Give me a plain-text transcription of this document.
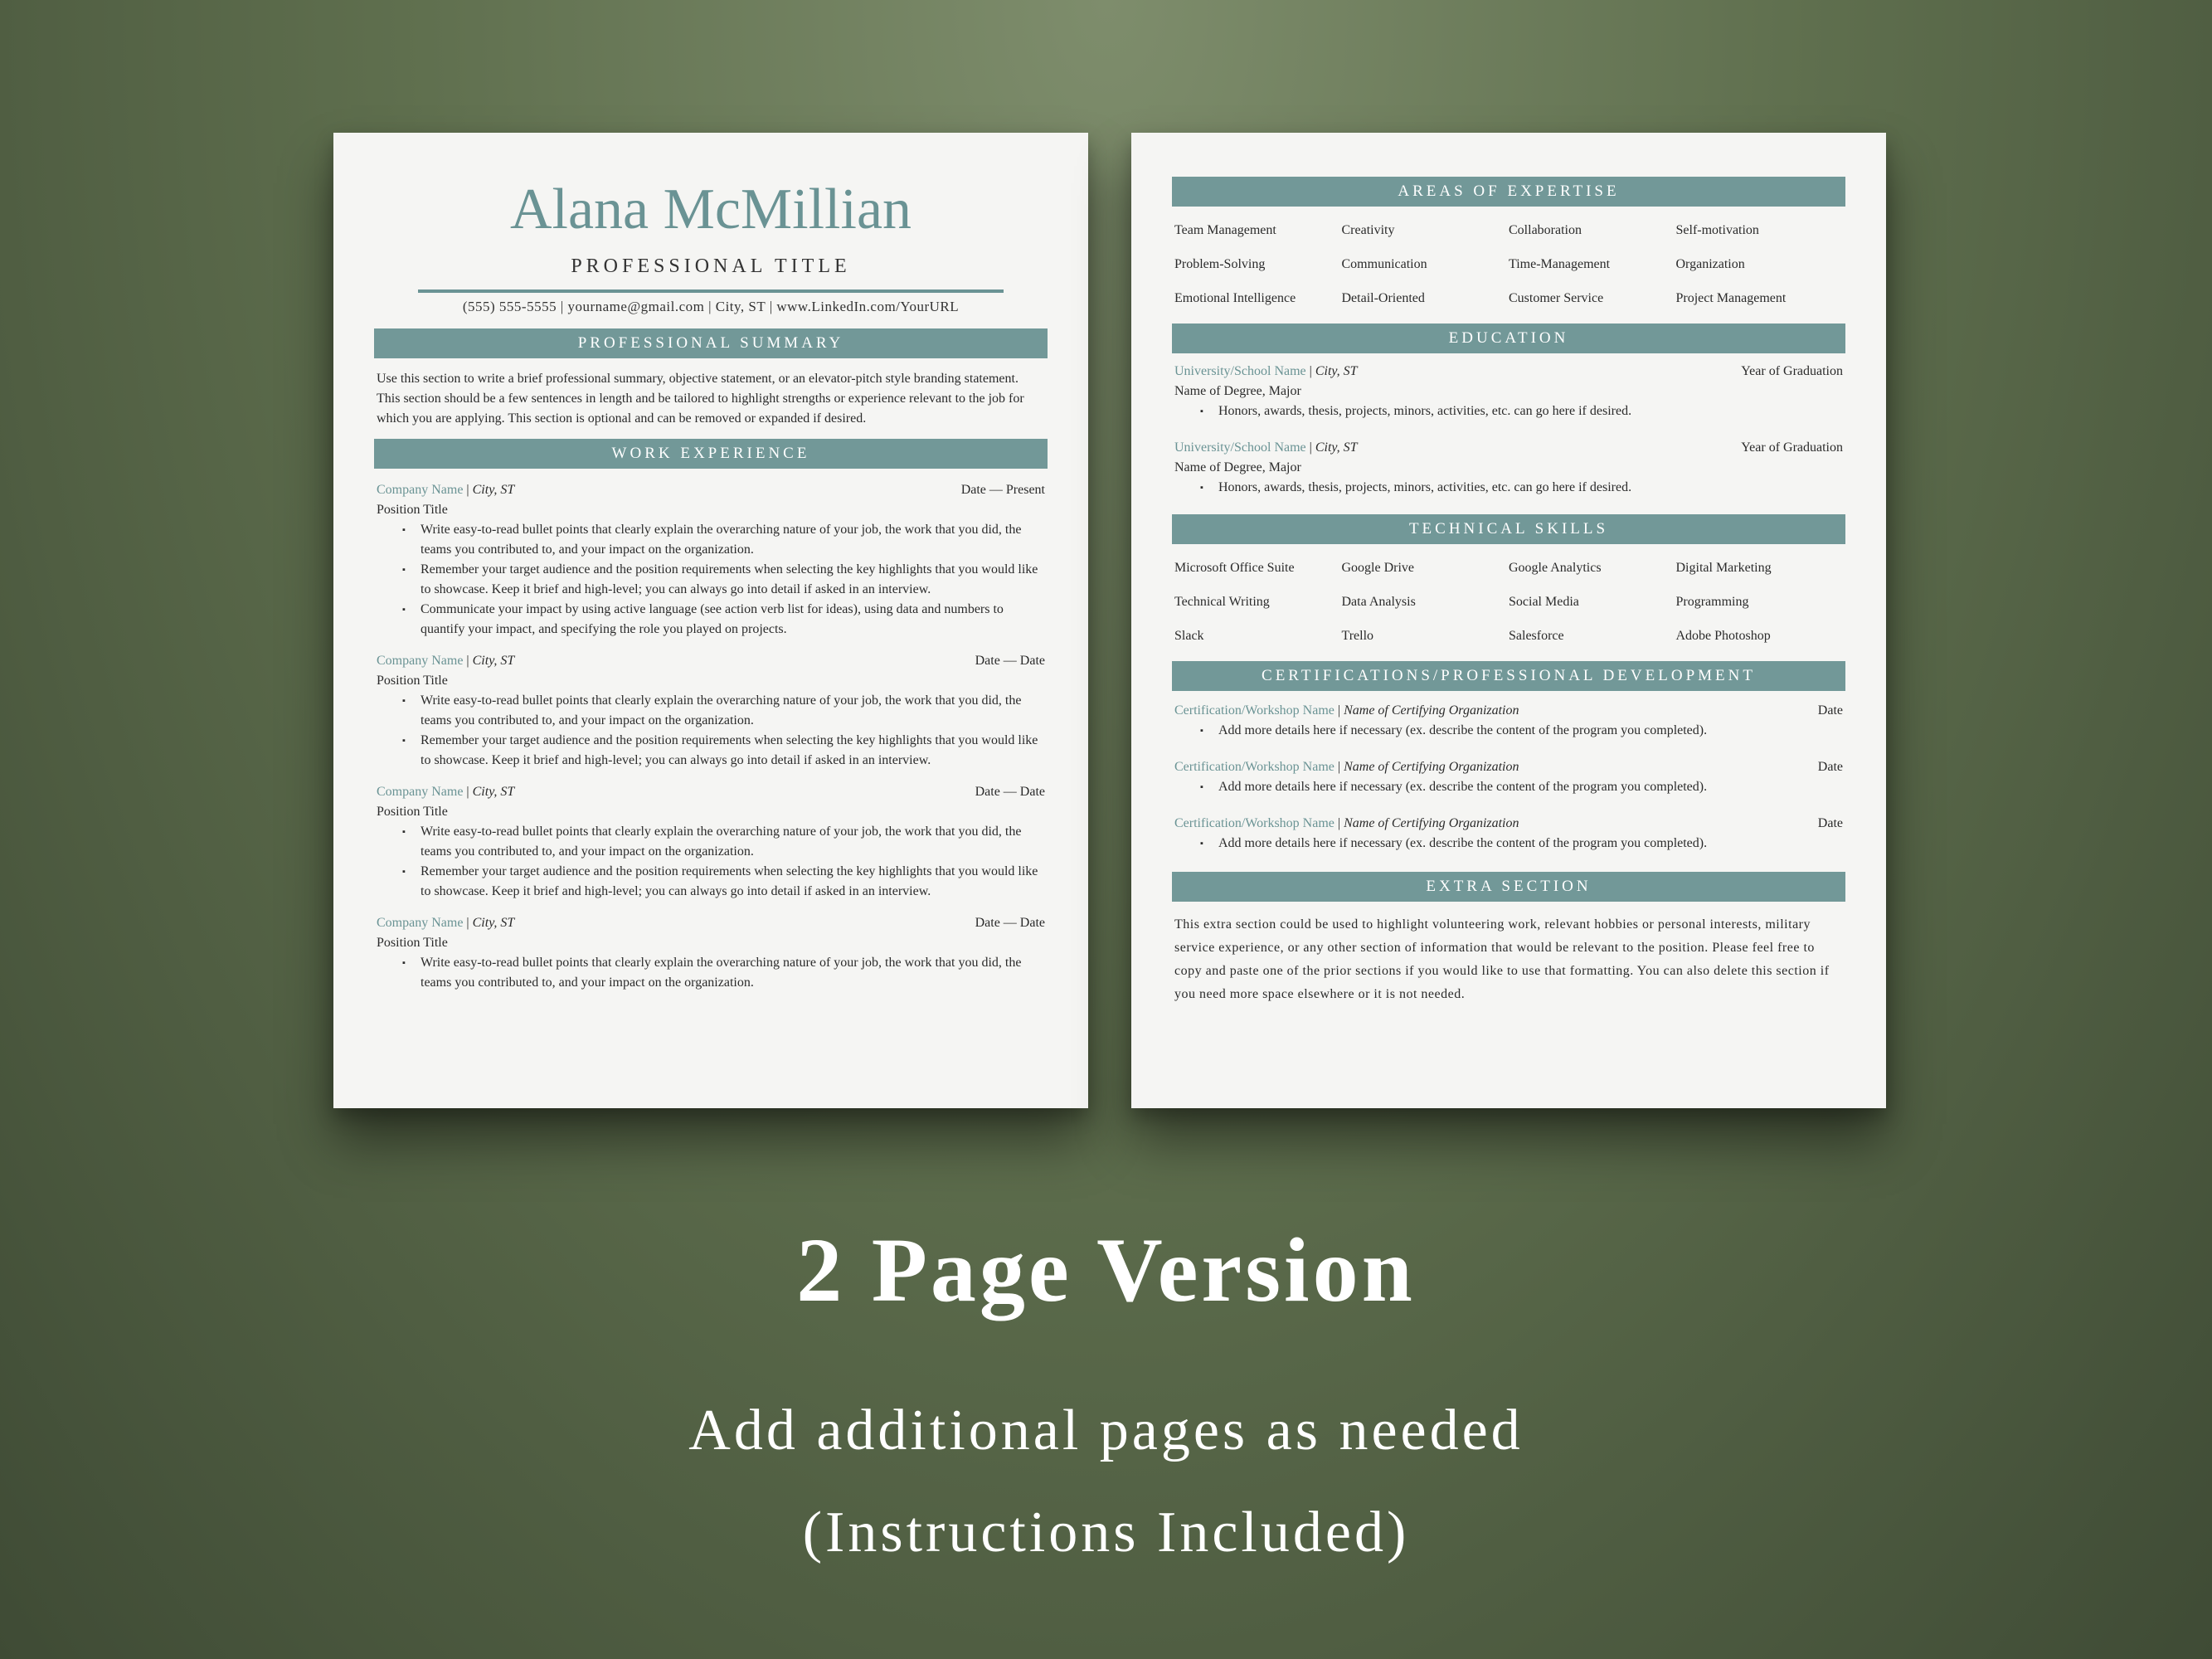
Alana McMillian

PROFESSIONAL TITLE

(555) 555-5555 | yourname@gmail.com | City, ST | www.LinkedIn.com/YourURL

PROFESSIONAL SUMMARY

Use this section to write a brief professional summary, objective statement, or an elevator-pitch style branding statement. This section should be a few sentences in length and be tailored to highlight strengths or experience relevant to the job for which you are applying. This section is optional and can be removed or expanded if desired.

WORK EXPERIENCE
Company Name | City, ST	Date — Present
Position Title
▪ Write easy-to-read bullet points that clearly explain the overarching nature of your job, the work that you did, the teams you contributed to, and your impact on the organization.
▪ Remember your target audience and the position requirements when selecting the key highlights that you would like to showcase. Keep it brief and high-level; you can always go into detail if asked in an interview.
▪ Communicate your impact by using active language (see action verb list for ideas), using data and numbers to quantify your impact, and specifying the role you played on projects.
Company Name | City, ST	Date — Date
Position Title
▪ Write easy-to-read bullet points that clearly explain the overarching nature of your job, the work that you did, the teams you contributed to, and your impact on the organization.
▪ Remember your target audience and the position requirements when selecting the key highlights that you would like to showcase. Keep it brief and high-level; you can always go into detail if asked in an interview.
Company Name | City, ST	Date — Date
Position Title
▪ Write easy-to-read bullet points that clearly explain the overarching nature of your job, the work that you did, the teams you contributed to, and your impact on the organization.
▪ Remember your target audience and the position requirements when selecting the key highlights that you would like to showcase. Keep it brief and high-level; you can always go into detail if asked in an interview.
Company Name | City, ST	Date — Date
Position Title
▪ Write easy-to-read bullet points that clearly explain the overarching nature of your job, the work that you did, the teams you contributed to, and your impact on the organization.
AREAS OF EXPERTISE
Team Management	Creativity	Collaboration	Self-motivation
Problem-Solving	Communication	Time-Management	Organization
Emotional Intelligence	Detail-Oriented	Customer Service	Project Management
EDUCATION
University/School Name | City, ST	Year of Graduation
Name of Degree, Major
▪ Honors, awards, thesis, projects, minors, activities, etc. can go here if desired.
University/School Name | City, ST	Year of Graduation
Name of Degree, Major
▪ Honors, awards, thesis, projects, minors, activities, etc. can go here if desired.
TECHNICAL SKILLS
Microsoft Office Suite	Google Drive	Google Analytics	Digital Marketing
Technical Writing	Data Analysis	Social Media	Programming
Slack	Trello	Salesforce	Adobe Photoshop
CERTIFICATIONS/PROFESSIONAL DEVELOPMENT
Certification/Workshop Name | Name of Certifying Organization	Date
▪ Add more details here if necessary (ex. describe the content of the program you completed).
Certification/Workshop Name | Name of Certifying Organization	Date
▪ Add more details here if necessary (ex. describe the content of the program you completed).
Certification/Workshop Name | Name of Certifying Organization	Date
▪ Add more details here if necessary (ex. describe the content of the program you completed).
EXTRA SECTION

This extra section could be used to highlight volunteering work, relevant hobbies or personal interests, military service experience, or any other section of information that would be relevant to the position. Please feel free to copy and paste one of the prior sections if you would like to use that formatting. You can also delete this section if you need more space elsewhere or it is not needed.

2 Page Version

Add additional pages as needed

(Instructions Included)
